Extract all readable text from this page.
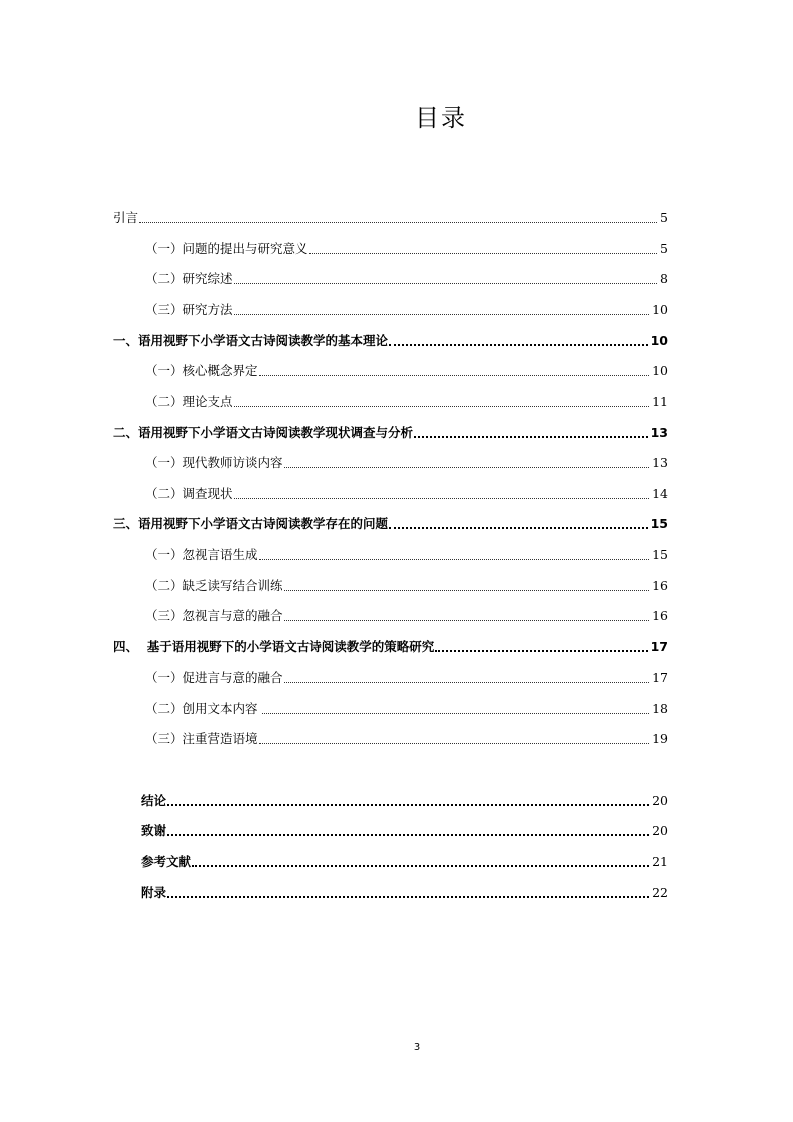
目录
引言	5
（一）问题的提出与研究意义	5
（二）研究综述	8
（三）研究方法	10
一、语用视野下小学语文古诗阅读教学的基本理论	10
（一）核心概念界定	10
（二）理论支点	11
二、语用视野下小学语文古诗阅读教学现状调查与分析	13
（一）现代教师访谈内容	13
（二）调查现状	14
三、语用视野下小学语文古诗阅读教学存在的问题	15
（一）忽视言语生成	15
（二）缺乏读写结合训练	16
（三）忽视言与意的融合	16
四、  基于语用视野下的小学语文古诗阅读教学的策略研究	17
（一）促进言与意的融合	17
（二）创用文本内容	18
（三）注重营造语境	19
结论	20
致谢	20
参考文献	21
附录	22
3
